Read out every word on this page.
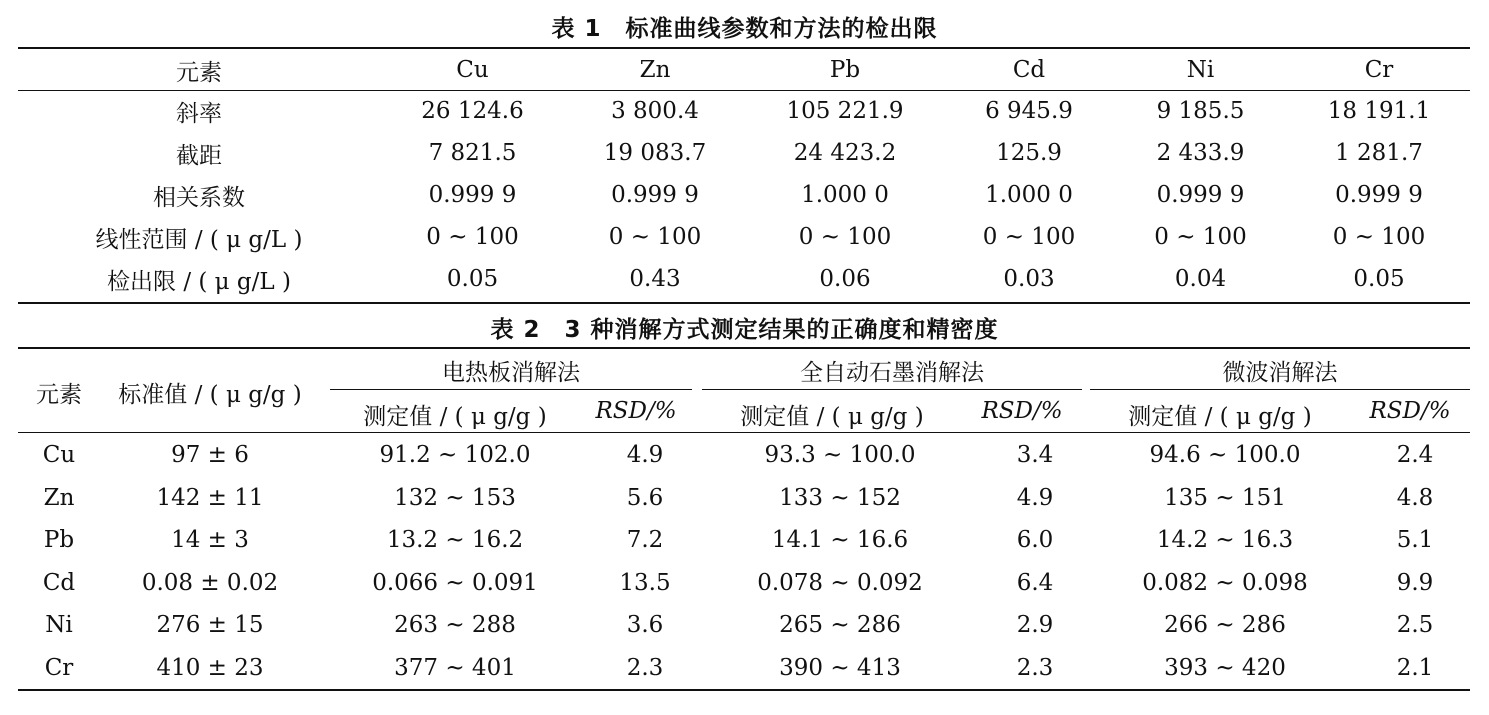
表 1　标准曲线参数和方法的检出限
元素	Cu	Zn	Pb	Cd	Ni	Cr
斜率	26 124.6	3 800.4	105 221.9	6 945.9	9 185.5	18 191.1
截距	7 821.5	19 083.7	24 423.2	125.9	2 433.9	1 281.7
相关系数	0.999 9	0.999 9	1.000 0	1.000 0	0.999 9	0.999 9
线性范围 / ( μ g/L )	0 ~ 100	0 ~ 100	0 ~ 100	0 ~ 100	0 ~ 100	0 ~ 100
检出限 / ( μ g/L )	0.05	0.43	0.06	0.03	0.04	0.05
表 2　3 种消解方式测定结果的正确度和精密度
元素	标准值 / ( μ g/g )
电热板消解法	全自动石墨消解法	微波消解法
测定值 / ( μ g/g )	RSD/%	测定值 / ( μ g/g )	RSD/%	测定值 / ( μ g/g )	RSD/%
Cu	97 ± 6	91.2 ~ 102.0	4.9	93.3 ~ 100.0	3.4	94.6 ~ 100.0	2.4
Zn	142 ± 11	132 ~ 153	5.6	133 ~ 152	4.9	135 ~ 151	4.8
Pb	14 ± 3	13.2 ~ 16.2	7.2	14.1 ~ 16.6	6.0	14.2 ~ 16.3	5.1
Cd	0.08 ± 0.02	0.066 ~ 0.091	13.5	0.078 ~ 0.092	6.4	0.082 ~ 0.098	9.9
Ni	276 ± 15	263 ~ 288	3.6	265 ~ 286	2.9	266 ~ 286	2.5
Cr	410 ± 23	377 ~ 401	2.3	390 ~ 413	2.3	393 ~ 420	2.1
